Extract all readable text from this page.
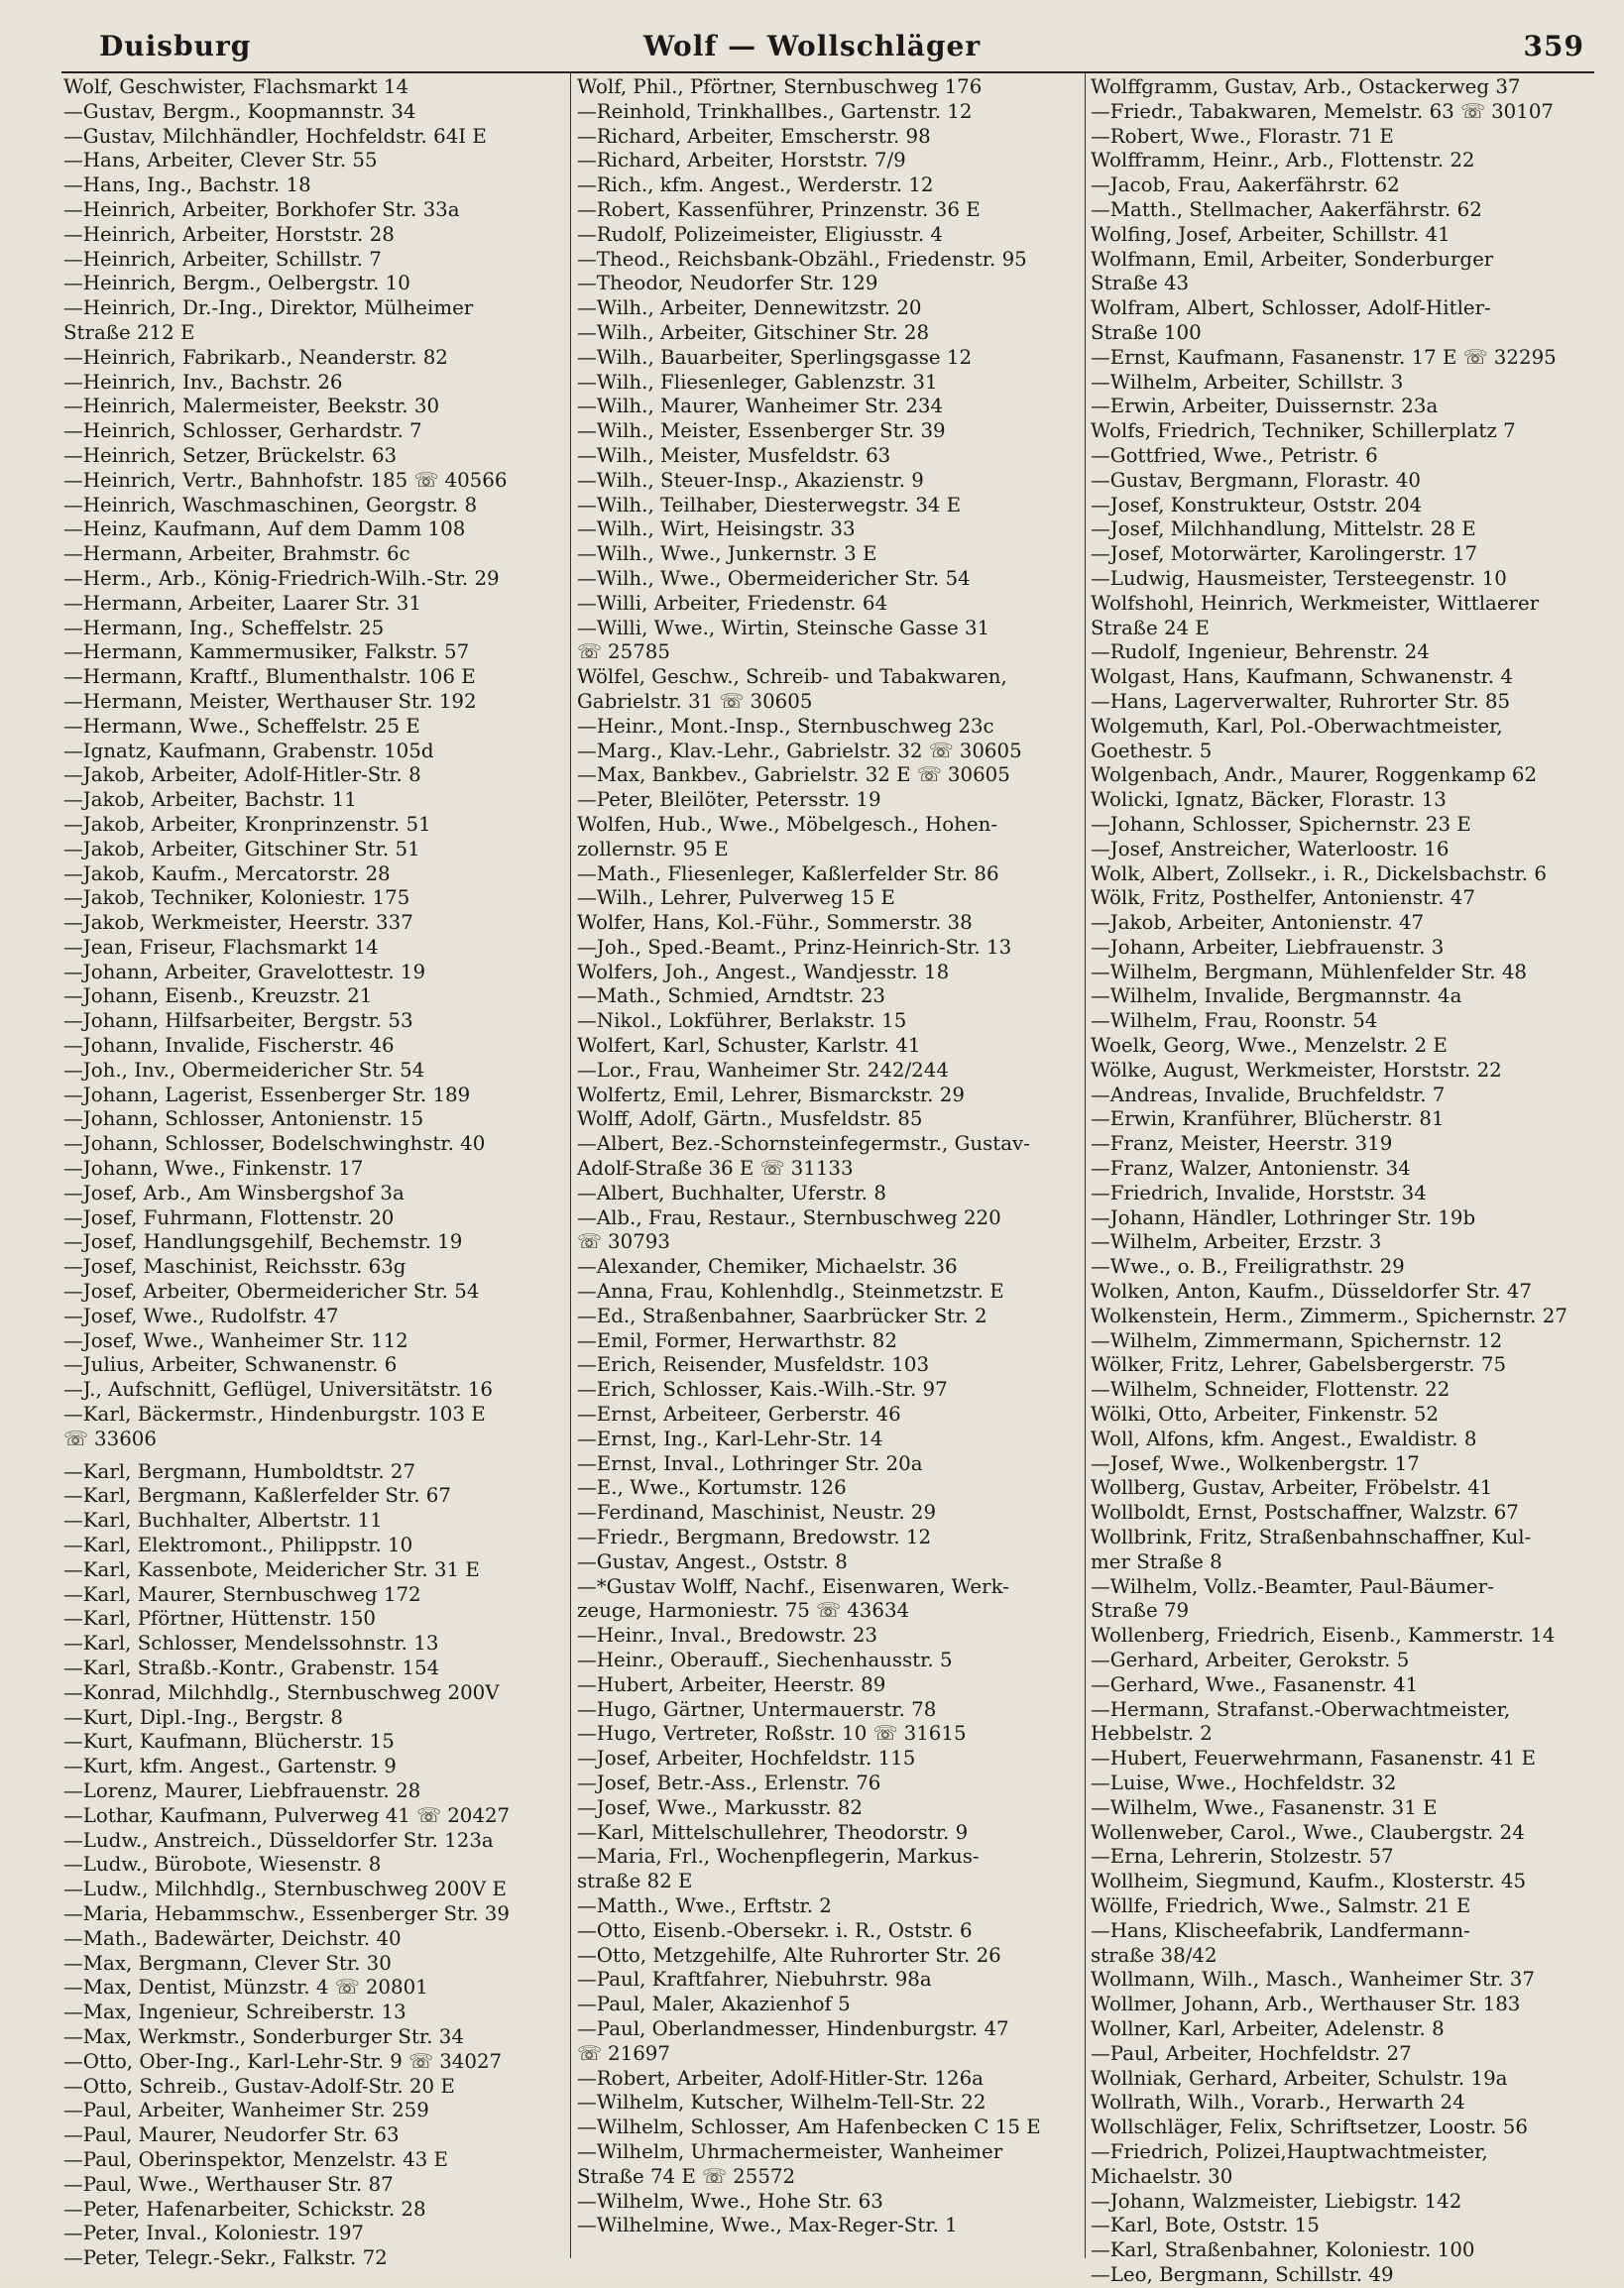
Duisburg	Wolf — Wollschläger	359
Wolf, Geschwister, Flachsmarkt 14
—Gustav, Bergm., Koopmannstr. 34
—Gustav, Milchhändler, Hochfeldstr. 64I E
—Hans, Arbeiter, Clever Str. 55
—Hans, Ing., Bachstr. 18
—Heinrich, Arbeiter, Borkhofer Str. 33a
—Heinrich, Arbeiter, Horststr. 28
—Heinrich, Arbeiter, Schillstr. 7
—Heinrich, Bergm., Oelbergstr. 10
—Heinrich, Dr.-Ing., Direktor, Mülheimer
Straße 212 E
—Heinrich, Fabrikarb., Neanderstr. 82
—Heinrich, Inv., Bachstr. 26
—Heinrich, Malermeister, Beekstr. 30
—Heinrich, Schlosser, Gerhardstr. 7
—Heinrich, Setzer, Brückelstr. 63
—Heinrich, Vertr., Bahnhofstr. 185 ☏ 40566
—Heinrich, Waschmaschinen, Georgstr. 8
—Heinz, Kaufmann, Auf dem Damm 108
—Hermann, Arbeiter, Brahmstr. 6c
—Herm., Arb., König-Friedrich-Wilh.-Str. 29
—Hermann, Arbeiter, Laarer Str. 31
—Hermann, Ing., Scheffelstr. 25
—Hermann, Kammermusiker, Falkstr. 57
—Hermann, Kraftf., Blumenthalstr. 106 E
—Hermann, Meister, Werthauser Str. 192
—Hermann, Wwe., Scheffelstr. 25 E
—Ignatz, Kaufmann, Grabenstr. 105d
—Jakob, Arbeiter, Adolf-Hitler-Str. 8
—Jakob, Arbeiter, Bachstr. 11
—Jakob, Arbeiter, Kronprinzenstr. 51
—Jakob, Arbeiter, Gitschiner Str. 51
—Jakob, Kaufm., Mercatorstr. 28
—Jakob, Techniker, Koloniestr. 175
—Jakob, Werkmeister, Heerstr. 337
—Jean, Friseur, Flachsmarkt 14
—Johann, Arbeiter, Gravelottestr. 19
—Johann, Eisenb., Kreuzstr. 21
—Johann, Hilfsarbeiter, Bergstr. 53
—Johann, Invalide, Fischerstr. 46
—Joh., Inv., Obermeidericher Str. 54
—Johann, Lagerist, Essenberger Str. 189
—Johann, Schlosser, Antonienstr. 15
—Johann, Schlosser, Bodelschwinghstr. 40
—Johann, Wwe., Finkenstr. 17
—Josef, Arb., Am Winsbergshof 3a
—Josef, Fuhrmann, Flottenstr. 20
—Josef, Handlungsgehilf, Bechemstr. 19
—Josef, Maschinist, Reichsstr. 63g
—Josef, Arbeiter, Obermeidericher Str. 54
—Josef, Wwe., Rudolfstr. 47
—Josef, Wwe., Wanheimer Str. 112
—Julius, Arbeiter, Schwanenstr. 6
—J., Aufschnitt, Geflügel, Universitätstr. 16
—Karl, Bäckermstr., Hindenburgstr. 103 E
☏ 33606
—Karl, Bergmann, Humboldtstr. 27
—Karl, Bergmann, Kaßlerfelder Str. 67
—Karl, Buchhalter, Albertstr. 11
—Karl, Elektromont., Philippstr. 10
—Karl, Kassenbote, Meidericher Str. 31 E
—Karl, Maurer, Sternbuschweg 172
—Karl, Pförtner, Hüttenstr. 150
—Karl, Schlosser, Mendelssohnstr. 13
—Karl, Straßb.-Kontr., Grabenstr. 154
—Konrad, Milchhdlg., Sternbuschweg 200V
—Kurt, Dipl.-Ing., Bergstr. 8
—Kurt, Kaufmann, Blücherstr. 15
—Kurt, kfm. Angest., Gartenstr. 9
—Lorenz, Maurer, Liebfrauenstr. 28
—Lothar, Kaufmann, Pulverweg 41 ☏ 20427
—Ludw., Anstreich., Düsseldorfer Str. 123a
—Ludw., Bürobote, Wiesenstr. 8
—Ludw., Milchhdlg., Sternbuschweg 200V E
—Maria, Hebammschw., Essenberger Str. 39
—Math., Badewärter, Deichstr. 40
—Max, Bergmann, Clever Str. 30
—Max, Dentist, Münzstr. 4 ☏ 20801
—Max, Ingenieur, Schreiberstr. 13
—Max, Werkmstr., Sonderburger Str. 34
—Otto, Ober-Ing., Karl-Lehr-Str. 9 ☏ 34027
—Otto, Schreib., Gustav-Adolf-Str. 20 E
—Paul, Arbeiter, Wanheimer Str. 259
—Paul, Maurer, Neudorfer Str. 63
—Paul, Oberinspektor, Menzelstr. 43 E
—Paul, Wwe., Werthauser Str. 87
—Peter, Hafenarbeiter, Schickstr. 28
—Peter, Inval., Koloniestr. 197
—Peter, Telegr.-Sekr., Falkstr. 72
Wolf, Phil., Pförtner, Sternbuschweg 176
—Reinhold, Trinkhallbes., Gartenstr. 12
—Richard, Arbeiter, Emscherstr. 98
—Richard, Arbeiter, Horststr. 7/9
—Rich., kfm. Angest., Werderstr. 12
—Robert, Kassenführer, Prinzenstr. 36 E
—Rudolf, Polizeimeister, Eligiusstr. 4
—Theod., Reichsbank-Obzähl., Friedenstr. 95
—Theodor, Neudorfer Str. 129
—Wilh., Arbeiter, Dennewitzstr. 20
—Wilh., Arbeiter, Gitschiner Str. 28
—Wilh., Bauarbeiter, Sperlingsgasse 12
—Wilh., Fliesenleger, Gablenzstr. 31
—Wilh., Maurer, Wanheimer Str. 234
—Wilh., Meister, Essenberger Str. 39
—Wilh., Meister, Musfeldstr. 63
—Wilh., Steuer-Insp., Akazienstr. 9
—Wilh., Teilhaber, Diesterwegstr. 34 E
—Wilh., Wirt, Heisingstr. 33
—Wilh., Wwe., Junkernstr. 3 E
—Wilh., Wwe., Obermeidericher Str. 54
—Willi, Arbeiter, Friedenstr. 64
—Willi, Wwe., Wirtin, Steinsche Gasse 31
☏ 25785
Wölfel, Geschw., Schreib- und Tabakwaren,
Gabrielstr. 31 ☏ 30605
—Heinr., Mont.-Insp., Sternbuschweg 23c
—Marg., Klav.-Lehr., Gabrielstr. 32 ☏ 30605
—Max, Bankbev., Gabrielstr. 32 E ☏ 30605
—Peter, Bleilöter, Petersstr. 19
Wolfen, Hub., Wwe., Möbelgesch., Hohen-
zollernstr. 95 E
—Math., Fliesenleger, Kaßlerfelder Str. 86
—Wilh., Lehrer, Pulverweg 15 E
Wolfer, Hans, Kol.-Führ., Sommerstr. 38
—Joh., Sped.-Beamt., Prinz-Heinrich-Str. 13
Wolfers, Joh., Angest., Wandjesstr. 18
—Math., Schmied, Arndtstr. 23
—Nikol., Lokführer, Berlakstr. 15
Wolfert, Karl, Schuster, Karlstr. 41
—Lor., Frau, Wanheimer Str. 242/244
Wolfertz, Emil, Lehrer, Bismarckstr. 29
Wolff, Adolf, Gärtn., Musfeldstr. 85
—Albert, Bez.-Schornsteinfegermstr., Gustav-
Adolf-Straße 36 E ☏ 31133
—Albert, Buchhalter, Uferstr. 8
—Alb., Frau, Restaur., Sternbuschweg 220
☏ 30793
—Alexander, Chemiker, Michaelstr. 36
—Anna, Frau, Kohlenhdlg., Steinmetzstr. E
—Ed., Straßenbahner, Saarbrücker Str. 2
—Emil, Former, Herwarthstr. 82
—Erich, Reisender, Musfeldstr. 103
—Erich, Schlosser, Kais.-Wilh.-Str. 97
—Ernst, Arbeiteer, Gerberstr. 46
—Ernst, Ing., Karl-Lehr-Str. 14
—Ernst, Inval., Lothringer Str. 20a
—E., Wwe., Kortumstr. 126
—Ferdinand, Maschinist, Neustr. 29
—Friedr., Bergmann, Bredowstr. 12
—Gustav, Angest., Oststr. 8
—*Gustav Wolff, Nachf., Eisenwaren, Werk-
zeuge, Harmoniestr. 75 ☏ 43634
—Heinr., Inval., Bredowstr. 23
—Heinr., Oberauff., Siechenhausstr. 5
—Hubert, Arbeiter, Heerstr. 89
—Hugo, Gärtner, Untermauerstr. 78
—Hugo, Vertreter, Roßstr. 10 ☏ 31615
—Josef, Arbeiter, Hochfeldstr. 115
—Josef, Betr.-Ass., Erlenstr. 76
—Josef, Wwe., Markusstr. 82
—Karl, Mittelschullehrer, Theodorstr. 9
—Maria, Frl., Wochenpflegerin, Markus-
straße 82 E
—Matth., Wwe., Erftstr. 2
—Otto, Eisenb.-Obersekr. i. R., Oststr. 6
—Otto, Metzgehilfe, Alte Ruhrorter Str. 26
—Paul, Kraftfahrer, Niebuhrstr. 98a
—Paul, Maler, Akazienhof 5
—Paul, Oberlandmesser, Hindenburgstr. 47
☏ 21697
—Robert, Arbeiter, Adolf-Hitler-Str. 126a
—Wilhelm, Kutscher, Wilhelm-Tell-Str. 22
—Wilhelm, Schlosser, Am Hafenbecken C 15 E
—Wilhelm, Uhrmachermeister, Wanheimer
Straße 74 E ☏ 25572
—Wilhelm, Wwe., Hohe Str. 63
—Wilhelmine, Wwe., Max-Reger-Str. 1
Wolffgramm, Gustav, Arb., Ostackerweg 37
—Friedr., Tabakwaren, Memelstr. 63 ☏ 30107
—Robert, Wwe., Florastr. 71 E
Wolfframm, Heinr., Arb., Flottenstr. 22
—Jacob, Frau, Aakerfährstr. 62
—Matth., Stellmacher, Aakerfährstr. 62
Wolfing, Josef, Arbeiter, Schillstr. 41
Wolfmann, Emil, Arbeiter, Sonderburger
Straße 43
Wolfram, Albert, Schlosser, Adolf-Hitler-
Straße 100
—Ernst, Kaufmann, Fasanenstr. 17 E ☏ 32295
—Wilhelm, Arbeiter, Schillstr. 3
—Erwin, Arbeiter, Duissernstr. 23a
Wolfs, Friedrich, Techniker, Schillerplatz 7
—Gottfried, Wwe., Petristr. 6
—Gustav, Bergmann, Florastr. 40
—Josef, Konstrukteur, Oststr. 204
—Josef, Milchhandlung, Mittelstr. 28 E
—Josef, Motorwärter, Karolingerstr. 17
—Ludwig, Hausmeister, Tersteegenstr. 10
Wolfshohl, Heinrich, Werkmeister, Wittlaerer
Straße 24 E
—Rudolf, Ingenieur, Behrenstr. 24
Wolgast, Hans, Kaufmann, Schwanenstr. 4
—Hans, Lagerverwalter, Ruhrorter Str. 85
Wolgemuth, Karl, Pol.-Oberwachtmeister,
Goethestr. 5
Wolgenbach, Andr., Maurer, Roggenkamp 62
Wolicki, Ignatz, Bäcker, Florastr. 13
—Johann, Schlosser, Spichernstr. 23 E
—Josef, Anstreicher, Waterloostr. 16
Wolk, Albert, Zollsekr., i. R., Dickelsbachstr. 6
Wölk, Fritz, Posthelfer, Antonienstr. 47
—Jakob, Arbeiter, Antonienstr. 47
—Johann, Arbeiter, Liebfrauenstr. 3
—Wilhelm, Bergmann, Mühlenfelder Str. 48
—Wilhelm, Invalide, Bergmannstr. 4a
—Wilhelm, Frau, Roonstr. 54
Woelk, Georg, Wwe., Menzelstr. 2 E
Wölke, August, Werkmeister, Horststr. 22
—Andreas, Invalide, Bruchfeldstr. 7
—Erwin, Kranführer, Blücherstr. 81
—Franz, Meister, Heerstr. 319
—Franz, Walzer, Antonienstr. 34
—Friedrich, Invalide, Horststr. 34
—Johann, Händler, Lothringer Str. 19b
—Wilhelm, Arbeiter, Erzstr. 3
—Wwe., o. B., Freiligrathstr. 29
Wolken, Anton, Kaufm., Düsseldorfer Str. 47
Wolkenstein, Herm., Zimmerm., Spichernstr. 27
—Wilhelm, Zimmermann, Spichernstr. 12
Wölker, Fritz, Lehrer, Gabelsbergerstr. 75
—Wilhelm, Schneider, Flottenstr. 22
Wölki, Otto, Arbeiter, Finkenstr. 52
Woll, Alfons, kfm. Angest., Ewaldistr. 8
—Josef, Wwe., Wolkenbergstr. 17
Wollberg, Gustav, Arbeiter, Fröbelstr. 41
Wollboldt, Ernst, Postschaffner, Walzstr. 67
Wollbrink, Fritz, Straßenbahnschaffner, Kul-
mer Straße 8
—Wilhelm, Vollz.-Beamter, Paul-Bäumer-
Straße 79
Wollenberg, Friedrich, Eisenb., Kammerstr. 14
—Gerhard, Arbeiter, Gerokstr. 5
—Gerhard, Wwe., Fasanenstr. 41
—Hermann, Strafanst.-Oberwachtmeister,
Hebbelstr. 2
—Hubert, Feuerwehrmann, Fasanenstr. 41 E
—Luise, Wwe., Hochfeldstr. 32
—Wilhelm, Wwe., Fasanenstr. 31 E
Wollenweber, Carol., Wwe., Claubergstr. 24
—Erna, Lehrerin, Stolzestr. 57
Wollheim, Siegmund, Kaufm., Klosterstr. 45
Wöllfe, Friedrich, Wwe., Salmstr. 21 E
—Hans, Klischeefabrik, Landfermann-
straße 38/42
Wollmann, Wilh., Masch., Wanheimer Str. 37
Wollmer, Johann, Arb., Werthauser Str. 183
Wollner, Karl, Arbeiter, Adelenstr. 8
—Paul, Arbeiter, Hochfeldstr. 27
Wollniak, Gerhard, Arbeiter, Schulstr. 19a
Wollrath, Wilh., Vorarb., Herwarth 24
Wollschläger, Felix, Schriftsetzer, Loostr. 56
—Friedrich, Polizei,Hauptwachtmeister,
Michaelstr. 30
—Johann, Walzmeister, Liebigstr. 142
—Karl, Bote, Oststr. 15
—Karl, Straßenbahner, Koloniestr. 100
—Leo, Bergmann, Schillstr. 49
